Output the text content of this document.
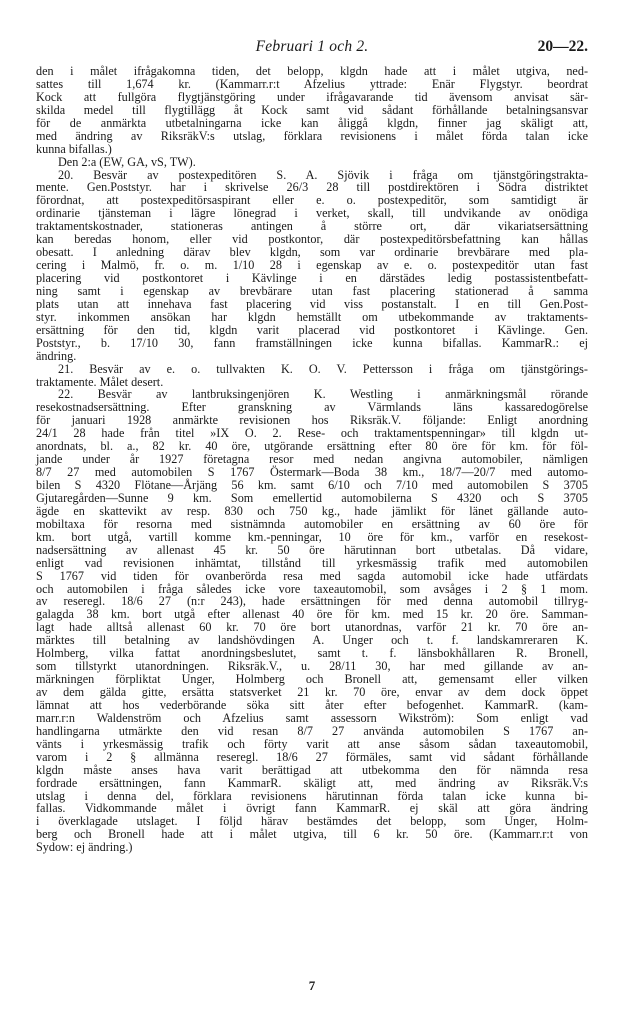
Februari 1 och 2.	20—22.
den i målet ifrågakomna tiden, det belopp, klgdn hade att i målet utgiva, ned-
sattes till 1,674 kr. (Kammarr.r:t Afzelius yttrade: Enär Flygstyr. beordrat
Kock att fullgöra flygtjänstgöring under ifrågavarande tid ävensom anvisat sär-
skilda medel till flygtillägg åt Kock samt vid sådant förhållande betalningsansvar
för de anmärkta utbetalningarna icke kan åliggå klgdn, finner jag skäligt att,
med ändring av RiksräkV:s utslag, förklara revisionens i målet förda talan icke
kunna bifallas.)
Den 2:a (EW, GA, vS, TW).
20. Besvär av postexpeditören S. A. Sjövik i fråga om tjänstgöringstrakta-
mente. Gen.Poststyr. har i skrivelse 26/3 28 till postdirektören i Södra distriktet
förordnat, att postexpeditörsaspirant eller e. o. postexpeditör, som samtidigt är
ordinarie tjänsteman i lägre lönegrad i verket, skall, till undvikande av onödiga
traktamentskostnader, stationeras antingen å större ort, där vikariatsersättning
kan beredas honom, eller vid postkontor, där postexpeditörsbefattning kan hållas
obesatt. I anledning därav blev klgdn, som var ordinarie brevbärare med pla-
cering i Malmö, fr. o. m. 1/10 28 i egenskap av e. o. postexpeditör utan fast
placering vid postkontoret i Kävlinge i en därstädes ledig postassistentbefatt-
ning samt i egenskap av brevbärare utan fast placering stationerad å samma
plats utan att innehava fast placering vid viss postanstalt. I en till Gen.Post-
styr. inkommen ansökan har klgdn hemställt om utbekommande av traktaments-
ersättning för den tid, klgdn varit placerad vid postkontoret i Kävlinge. Gen.
Poststyr., b. 17/10 30, fann framställningen icke kunna bifallas. KammarR.: ej
ändring.
21. Besvär av e. o. tullvakten K. O. V. Pettersson i fråga om tjänstgörings-
traktamente. Målet desert.
22. Besvär av lantbruksingenjören K. Westling i anmärkningsmål rörande
resekostnadsersättning. Efter granskning av Värmlands läns kassaredogörelse
för januari 1928 anmärkte revisionen hos Riksräk.V. följande: Enligt anordning
24/1 28 hade från titel »IX O. 2. Rese- och traktamentspenningar» till klgdn ut-
anordnats, bl. a., 82 kr. 40 öre, utgörande ersättning efter 80 öre för km. för föl-
jande under år 1927 företagna resor med nedan angivna automobiler, nämligen
8/7 27 med automobilen S 1767 Östermark—Boda 38 km., 18/7—20/7 med automo-
bilen S 4320 Flötane—Årjäng 56 km. samt 6/10 och 7/10 med automobilen S 3705
Gjutaregården—Sunne 9 km. Som emellertid automobilerna S 4320 och S 3705
ägde en skattevikt av resp. 830 och 750 kg., hade jämlikt för länet gällande auto-
mobiltaxa för resorna med sistnämnda automobiler en ersättning av 60 öre för
km. bort utgå, vartill komme km.-penningar, 10 öre för km., varför en resekost-
nadsersättning av allenast 45 kr. 50 öre härutinnan bort utbetalas. Då vidare,
enligt vad revisionen inhämtat, tillstånd till yrkesmässig trafik med automobilen
S 1767 vid tiden för ovanberörda resa med sagda automobil icke hade utfärdats
och automobilen i fråga således icke vore taxeautomobil, som avsåges i 2 § 1 mom.
av reseregl. 18/6 27 (n:r 243), hade ersättningen för med denna automobil tillryg-
galagda 38 km. bort utgå efter allenast 40 öre för km. med 15 kr. 20 öre. Samman-
lagt hade alltså allenast 60 kr. 70 öre bort utanordnas, varför 21 kr. 70 öre an-
märktes till betalning av landshövdingen A. Unger och t. f. landskamreraren K.
Holmberg, vilka fattat anordningsbeslutet, samt t. f. länsbokhållaren R. Bronell,
som tillstyrkt utanordningen. Riksräk.V., u. 28/11 30, har med gillande av an-
märkningen förpliktat Unger, Holmberg och Bronell att, gemensamt eller vilken
av dem gälda gitte, ersätta statsverket 21 kr. 70 öre, envar av dem dock öppet
lämnat att hos vederbörande söka sitt åter efter befogenhet. KammarR. (kam-
marr.r:n Waldenström och Afzelius samt assessorn Wikström): Som enligt vad
handlingarna utmärkte den vid resan 8/7 27 använda automobilen S 1767 an-
vänts i yrkesmässig trafik och förty varit att anse såsom sådan taxeautomobil,
varom i 2 § allmänna reseregl. 18/6 27 förmäles, samt vid sådant förhållande
klgdn måste anses hava varit berättigad att utbekomma den för nämnda resa
fordrade ersättningen, fann KammarR. skäligt att, med ändring av Riksräk.V:s
utslag i denna del, förklara revisionens härutinnan förda talan icke kunna bi-
fallas. Vidkommande målet i övrigt fann KammarR. ej skäl att göra ändring
i överklagade utslaget. I följd härav bestämdes det belopp, som Unger, Holm-
berg och Bronell hade att i målet utgiva, till 6 kr. 50 öre. (Kammarr.r:t von
Sydow: ej ändring.)
7
